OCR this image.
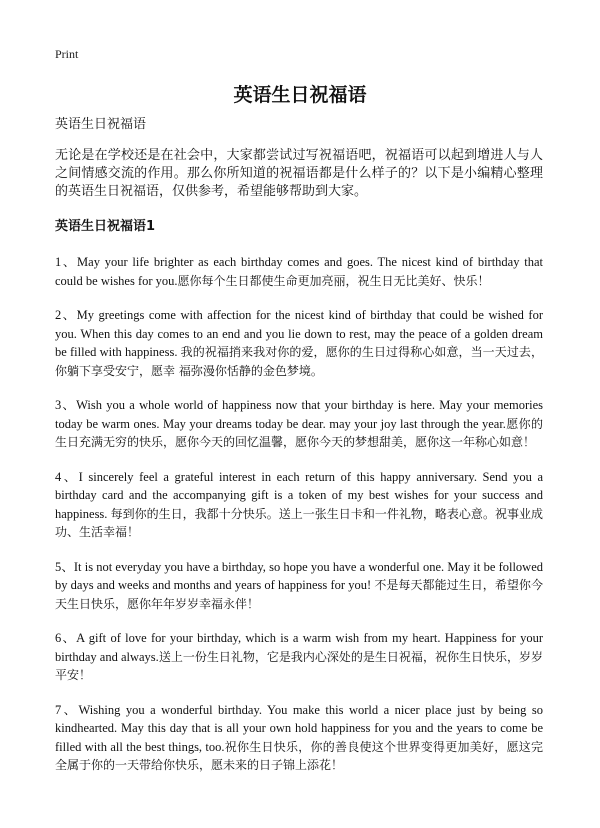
Print
英语生日祝福语

英语生日祝福语

无论是在学校还是在社会中，大家都尝试过写祝福语吧，祝福语可以起到增进人与人之间情感交流的作用。那么你所知道的祝福语都是什么样子的？以下是小编精心整理的英语生日祝福语，仅供参考，希望能够帮助到大家。

英语生日祝福语1

1、May your life brighter as each birthday comes and goes. The nicest kind of birthday that could be wishes for you.愿你每个生日都使生命更加亮丽，祝生日无比美好、快乐！

2、My greetings come with affection for the nicest kind of birthday that could be wished for you. When this day comes to an end and you lie down to rest, may the peace of a golden dream be filled with happiness. 我的祝福捎来我对你的爱，愿你的生日过得称心如意，当一天过去，你躺下享受安宁，愿幸 福弥漫你恬静的金色梦境。

3、Wish you a whole world of happiness now that your birthday is here. May your memories today be warm ones. May your dreams today be dear. may your joy last through the year.愿你的生日充满无穷的快乐，愿你今天的回忆温馨，愿你今天的梦想甜美，愿你这一年称心如意！

4、I sincerely feel a grateful interest in each return of this happy anniversary. Send you a birthday card and the accompanying gift is a token of my best wishes for your success and happiness. 每到你的生日，我都十分快乐。送上一张生日卡和一件礼物，略表心意。祝事业成功、生活幸福！

5、It is not everyday you have a birthday, so hope you have a wonderful one. May it be followed by days and weeks and months and years of happiness for you! 不是每天都能过生日，希望你今天生日快乐，愿你年年岁岁幸福永伴！

6、A gift of love for your birthday, which is a warm wish from my heart. Happiness for your birthday and always.送上一份生日礼物，它是我内心深处的是生日祝福，祝你生日快乐，岁岁平安！

7、Wishing you a wonderful birthday. You make this world a nicer place just by being so kindhearted. May this day that is all your own hold happiness for you and the years to come be filled with all the best things, too.祝你生日快乐，你的善良使这个世界变得更加美好，愿这完全属于你的一天带给你快乐，愿未来的日子锦上添花！
